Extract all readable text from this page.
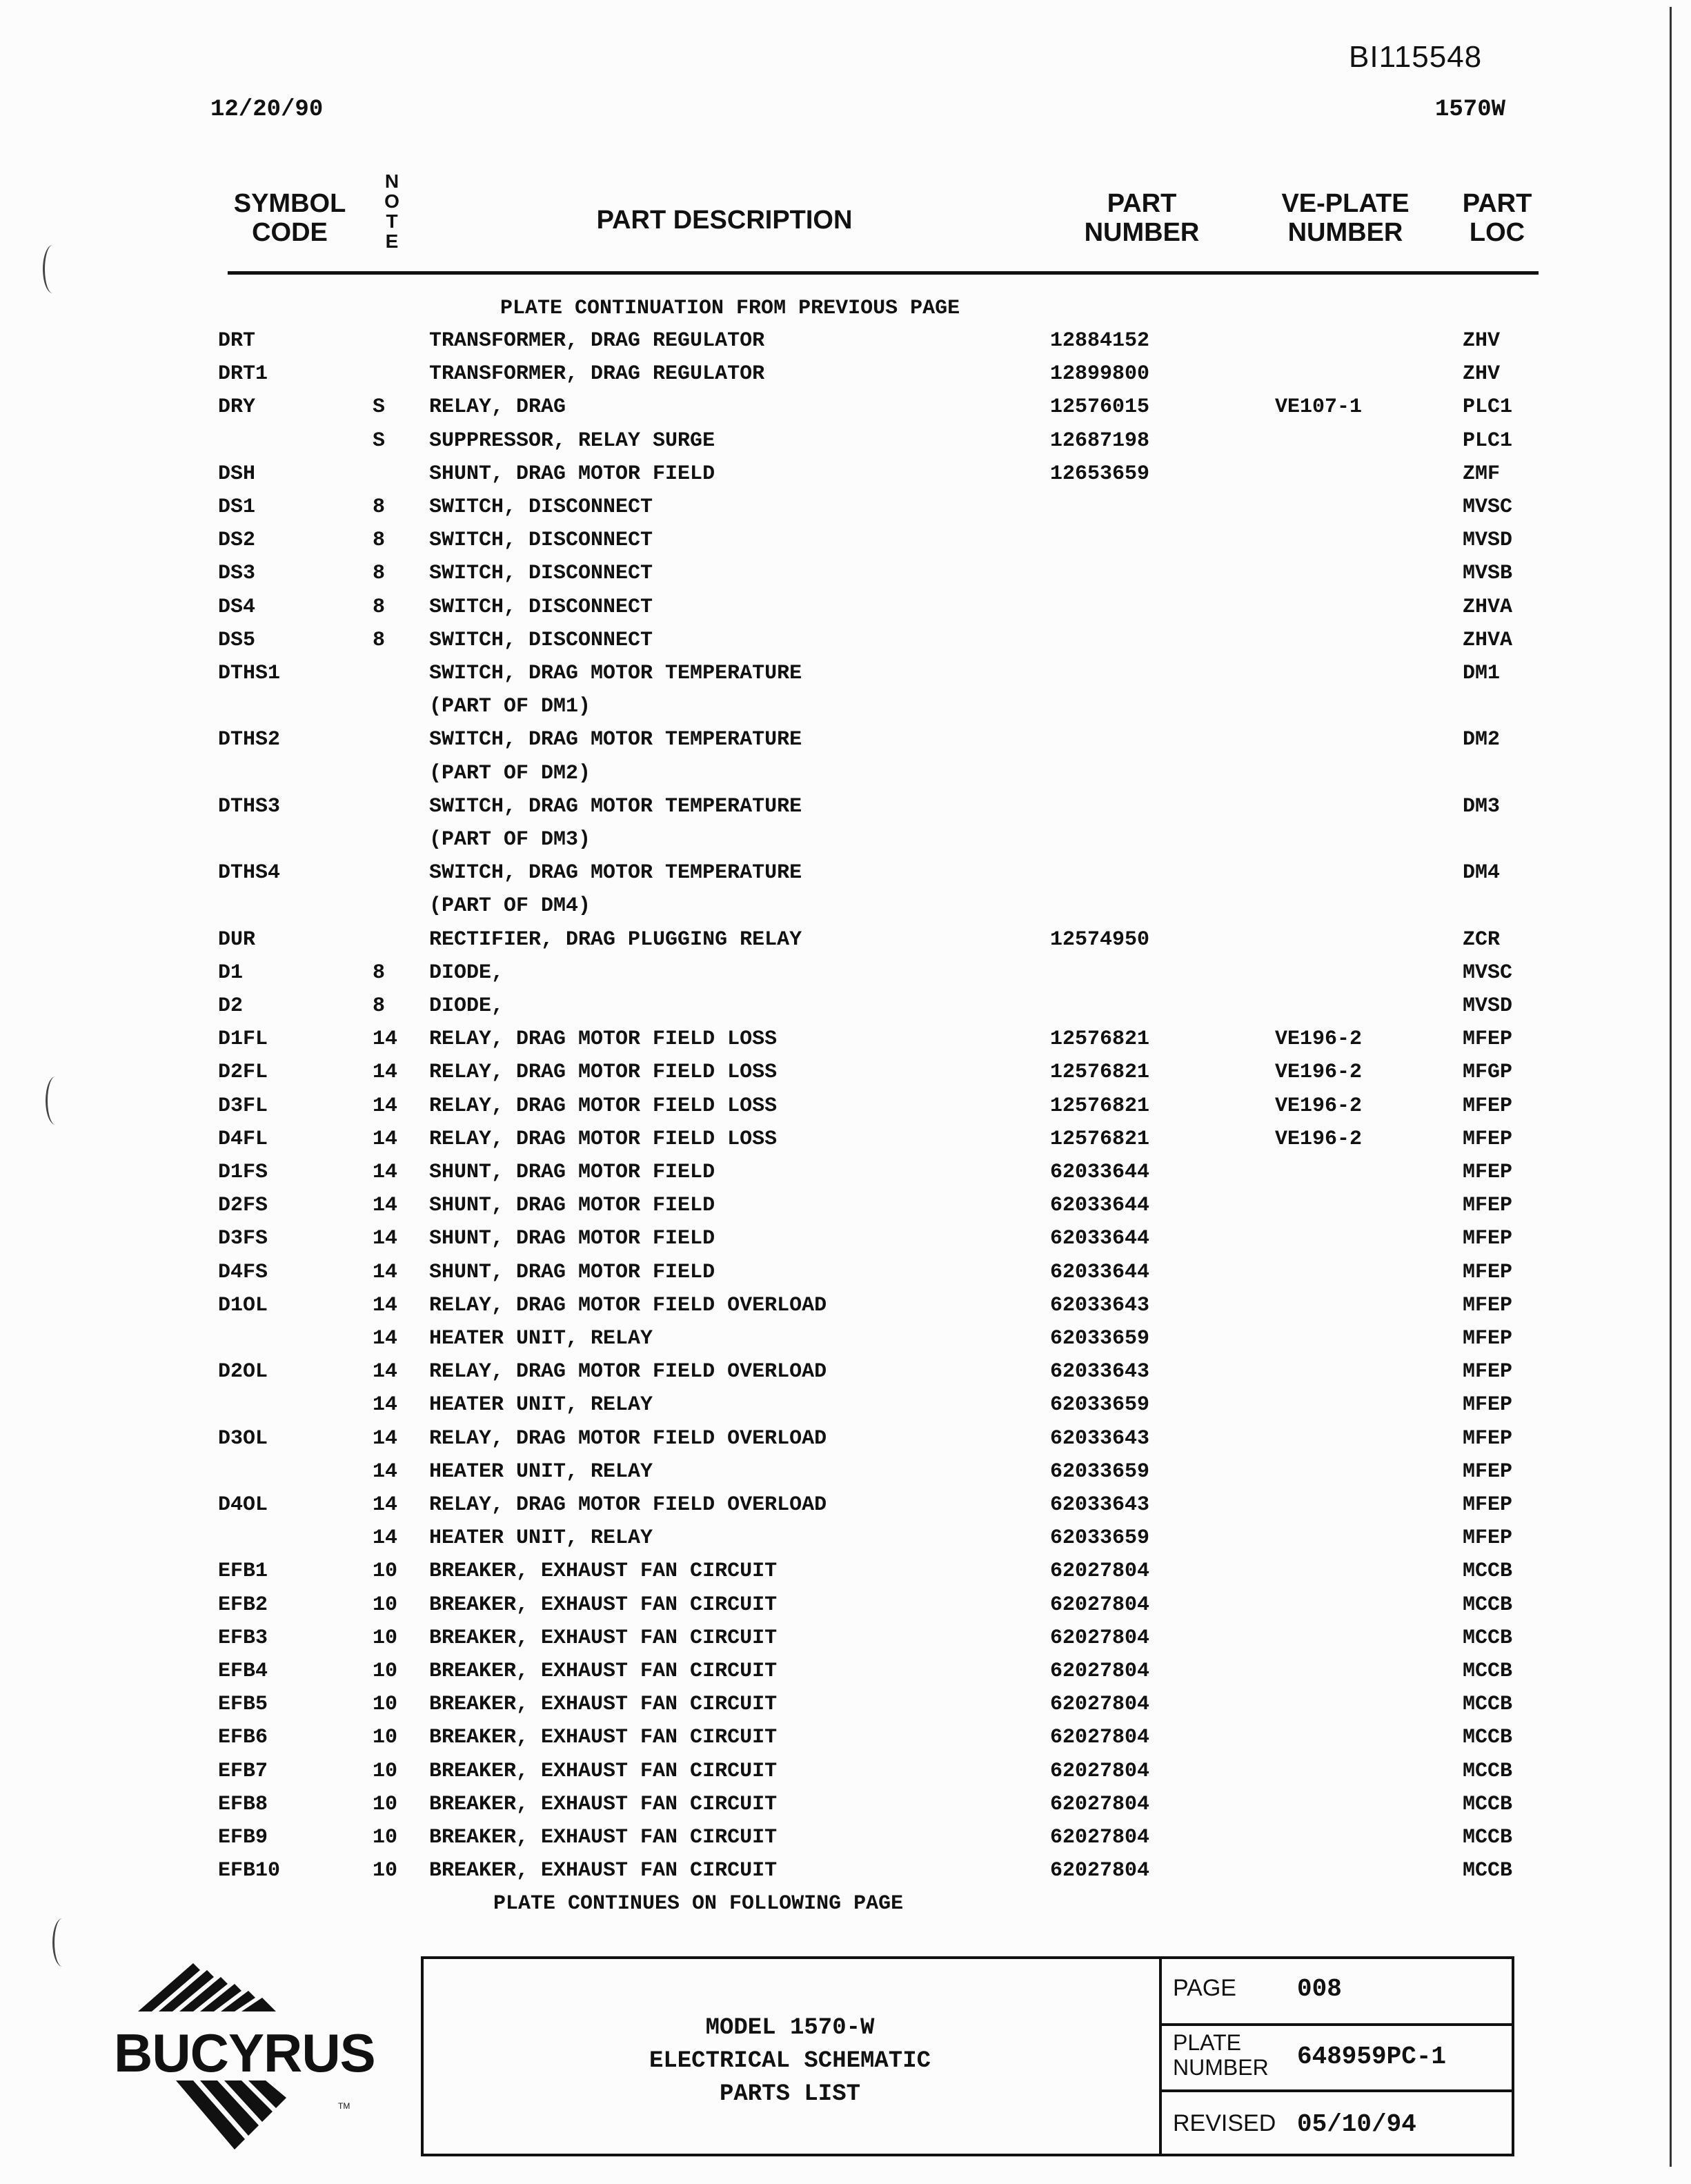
BI115548
12/20/90	1570W
SYMBOL
CODE
N
O
T
E
PART DESCRIPTION
PART
NUMBER
VE-PLATE
NUMBER
PART
LOC
PLATE CONTINUATION FROM PREVIOUS PAGE
DRT	TRANSFORMER, DRAG REGULATOR	12884152	ZHV
DRT1	TRANSFORMER, DRAG REGULATOR	12899800	ZHV
DRY	S RELAY, DRAG	12576015	VE107-1	PLC1
S SUPPRESSOR, RELAY SURGE	12687198	PLC1
DSH	SHUNT, DRAG MOTOR FIELD	12653659	ZMF
DS1	8 SWITCH, DISCONNECT	MVSC
DS2	8 SWITCH, DISCONNECT	MVSD
DS3	8 SWITCH, DISCONNECT	MVSB
DS4	8 SWITCH, DISCONNECT	ZHVA
DS5	8 SWITCH, DISCONNECT	ZHVA
DTHS1	SWITCH, DRAG MOTOR TEMPERATURE	DM1
(PART OF DM1)
DTHS2	SWITCH, DRAG MOTOR TEMPERATURE	DM2
(PART OF DM2)
DTHS3	SWITCH, DRAG MOTOR TEMPERATURE	DM3
(PART OF DM3)
DTHS4	SWITCH, DRAG MOTOR TEMPERATURE	DM4
(PART OF DM4)
DUR	RECTIFIER, DRAG PLUGGING RELAY	12574950	ZCR
D1	8 DIODE,	MVSC
D2	8 DIODE,	MVSD
D1FL	14 RELAY, DRAG MOTOR FIELD LOSS	12576821	VE196-2	MFEP
D2FL	14 RELAY, DRAG MOTOR FIELD LOSS	12576821	VE196-2	MFGP
D3FL	14 RELAY, DRAG MOTOR FIELD LOSS	12576821	VE196-2	MFEP
D4FL	14 RELAY, DRAG MOTOR FIELD LOSS	12576821	VE196-2	MFEP
D1FS	14 SHUNT, DRAG MOTOR FIELD	62033644	MFEP
D2FS	14 SHUNT, DRAG MOTOR FIELD	62033644	MFEP
D3FS	14 SHUNT, DRAG MOTOR FIELD	62033644	MFEP
D4FS	14 SHUNT, DRAG MOTOR FIELD	62033644	MFEP
D1OL	14 RELAY, DRAG MOTOR FIELD OVERLOAD	62033643	MFEP
14 HEATER UNIT, RELAY	62033659	MFEP
D2OL	14 RELAY, DRAG MOTOR FIELD OVERLOAD	62033643	MFEP
14 HEATER UNIT, RELAY	62033659	MFEP
D3OL	14 RELAY, DRAG MOTOR FIELD OVERLOAD	62033643	MFEP
14 HEATER UNIT, RELAY	62033659	MFEP
D4OL	14 RELAY, DRAG MOTOR FIELD OVERLOAD	62033643	MFEP
14 HEATER UNIT, RELAY	62033659	MFEP
EFB1	10 BREAKER, EXHAUST FAN CIRCUIT	62027804	MCCB
EFB2	10 BREAKER, EXHAUST FAN CIRCUIT	62027804	MCCB
EFB3	10 BREAKER, EXHAUST FAN CIRCUIT	62027804	MCCB
EFB4	10 BREAKER, EXHAUST FAN CIRCUIT	62027804	MCCB
EFB5	10 BREAKER, EXHAUST FAN CIRCUIT	62027804	MCCB
EFB6	10 BREAKER, EXHAUST FAN CIRCUIT	62027804	MCCB
EFB7	10 BREAKER, EXHAUST FAN CIRCUIT	62027804	MCCB
EFB8	10 BREAKER, EXHAUST FAN CIRCUIT	62027804	MCCB
EFB9	10 BREAKER, EXHAUST FAN CIRCUIT	62027804	MCCB
EFB10	10 BREAKER, EXHAUST FAN CIRCUIT	62027804	MCCB
PLATE CONTINUES ON FOLLOWING PAGE
BUCYRUS
TM
MODEL 1570-W
ELECTRICAL SCHEMATIC
PARTS LIST
PAGE 008
PLATE
NUMBER 648959PC-1
REVISED 05/10/94
